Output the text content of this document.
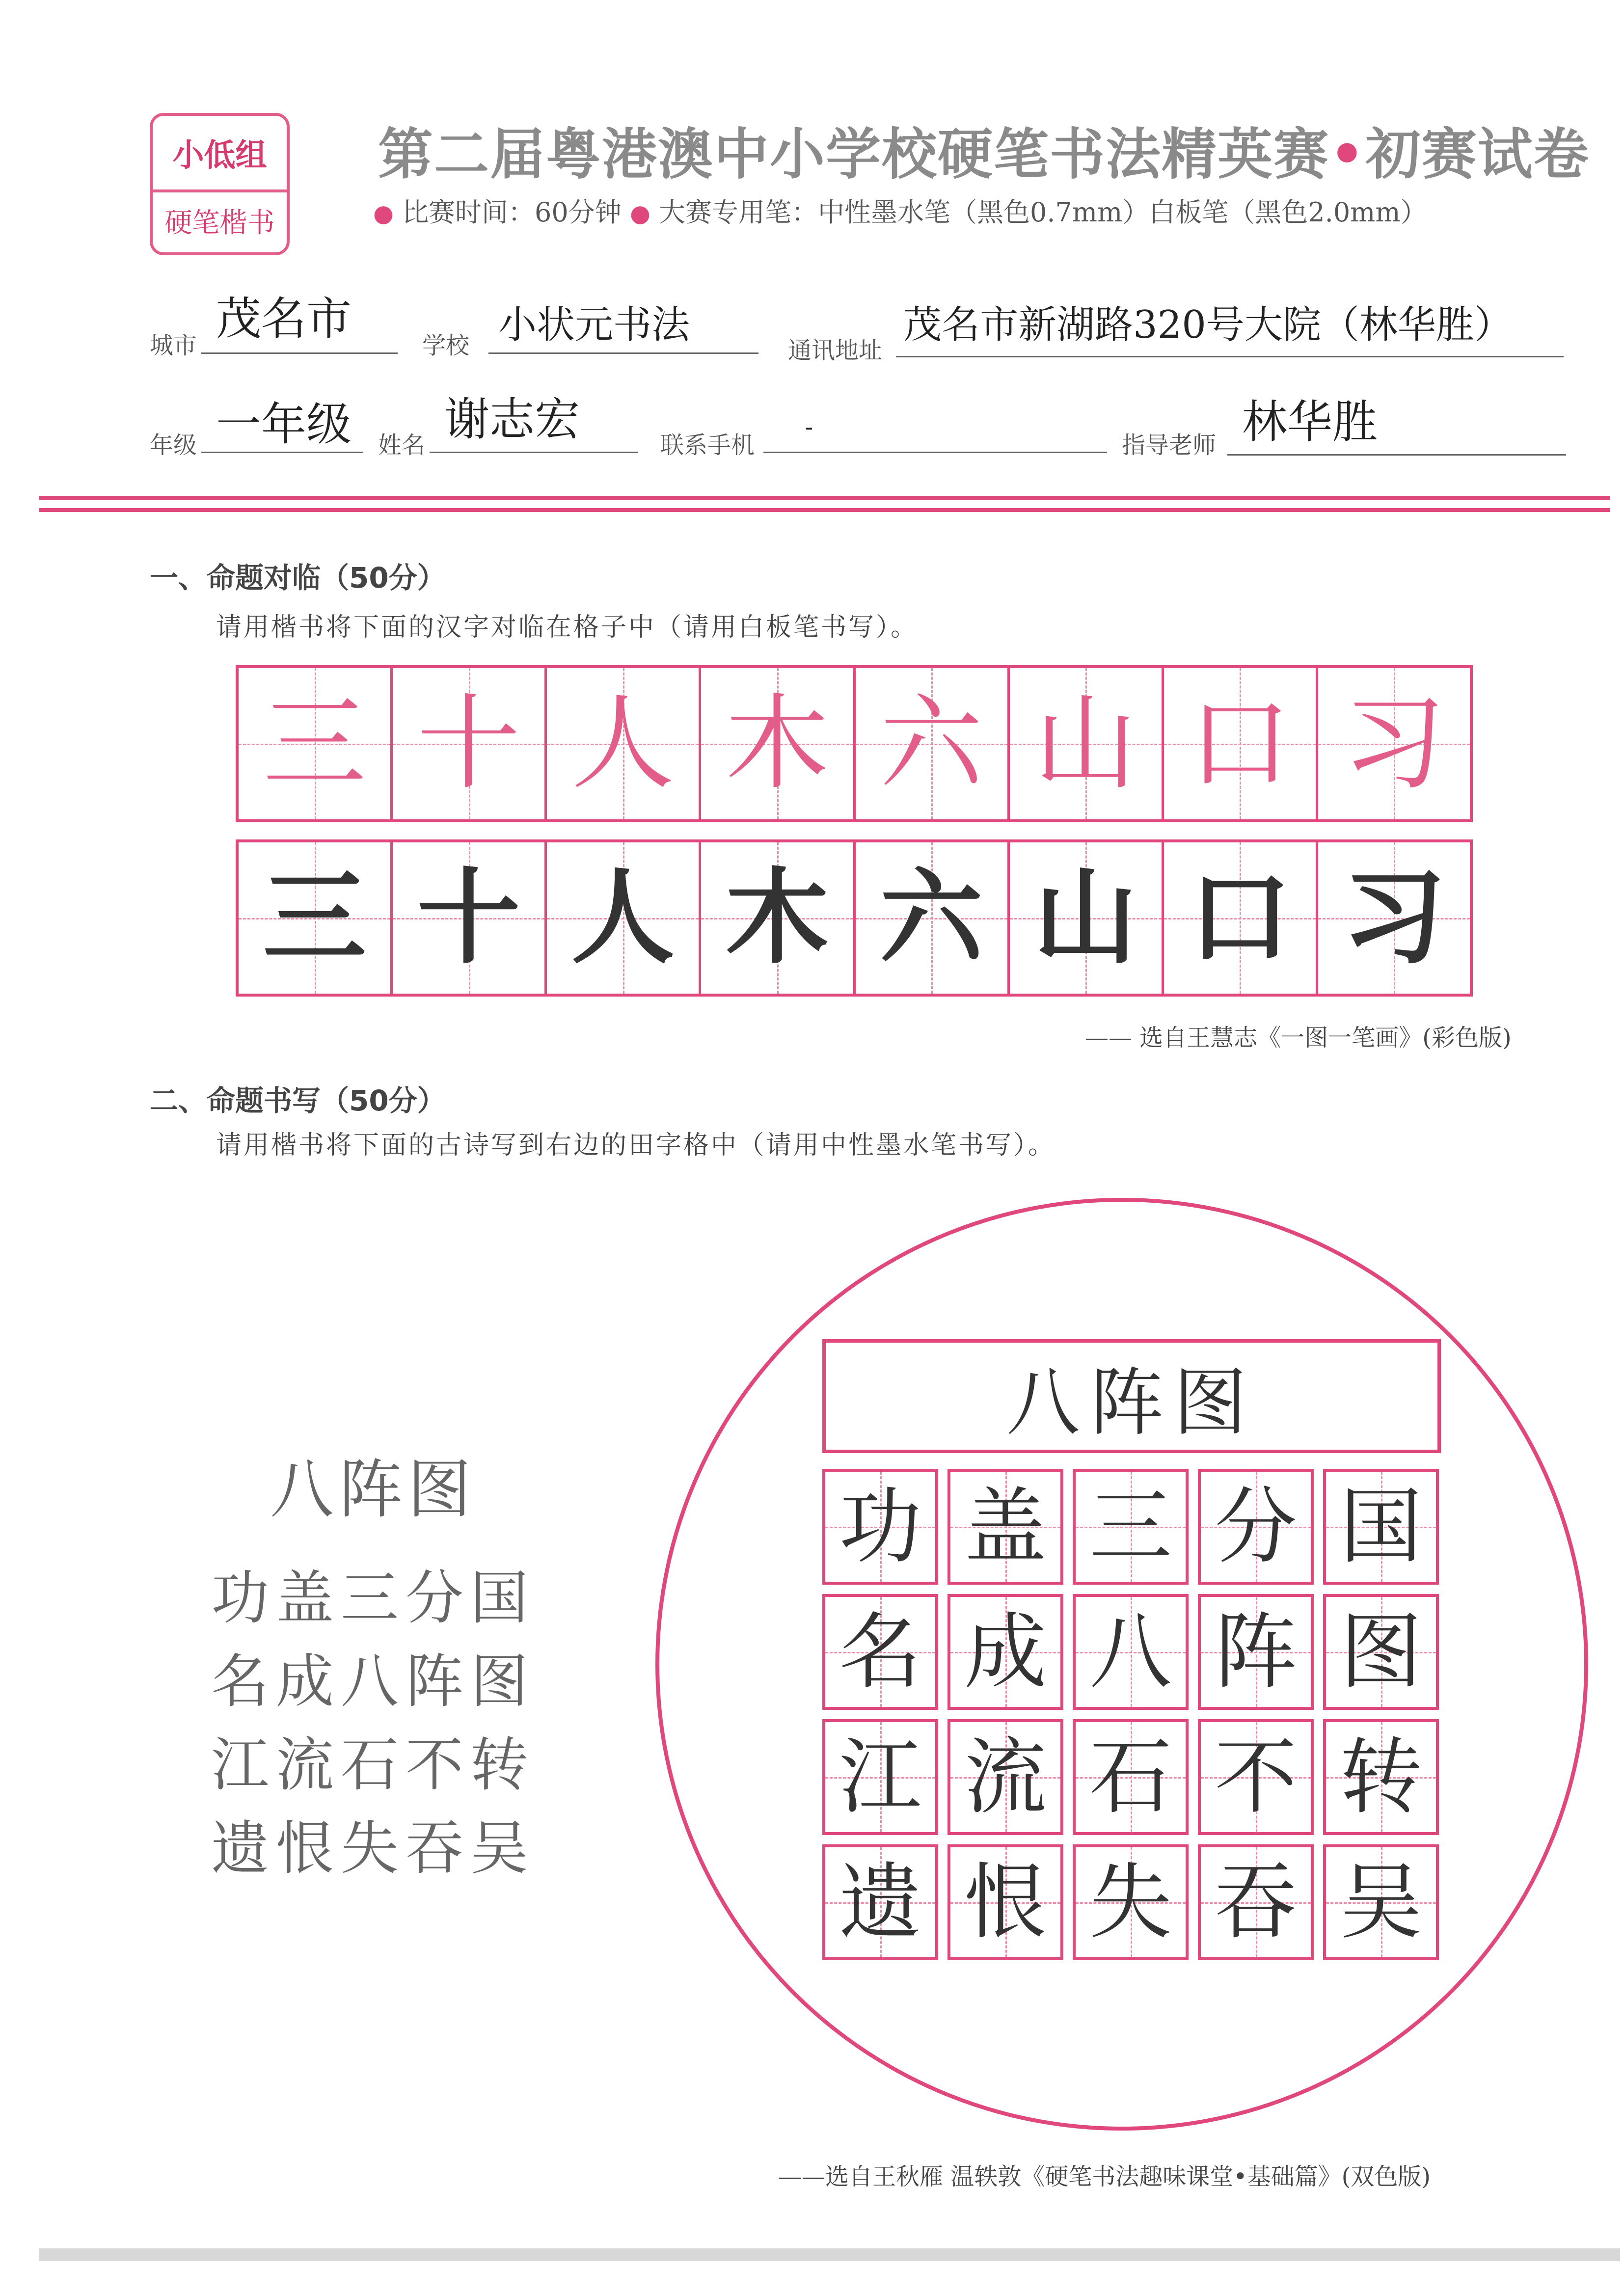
小低组
硬笔楷书
第二届粤港澳中小学校硬笔书法精英赛•初赛试卷
● 比赛时间：60分钟 ● 大赛专用笔：中性墨水笔（黑色0.7mm）白板笔（黑色2.0mm）
城市
茂名市
学校 小状元书法
通讯地址
茂名市新湖路320号大院（林华胜）
年级 一年级 姓名 谢志宏	联系手机
-
指导老师 林华胜
一、命题对临（50分）
请用楷书将下面的汉字对临在格子中（请用白板笔书写）。
三 十 人 木 六 山 口 习
三 十 人 木 六 山 口 习
—— 选自王慧志《一图一笔画》(彩色版)
二、命题书写（50分）
请用楷书将下面的古诗写到右边的田字格中（请用中性墨水笔书写）。
八阵图
功盖三分国
名成八阵图
江流石不转
遗恨失吞吴
八阵图
功 盖 三 分 国
名 成 八 阵 图
江 流 石 不 转
遗 恨 失 吞 吴
——选自王秋雁 温轶敦《硬笔书法趣味课堂•基础篇》(双色版)
